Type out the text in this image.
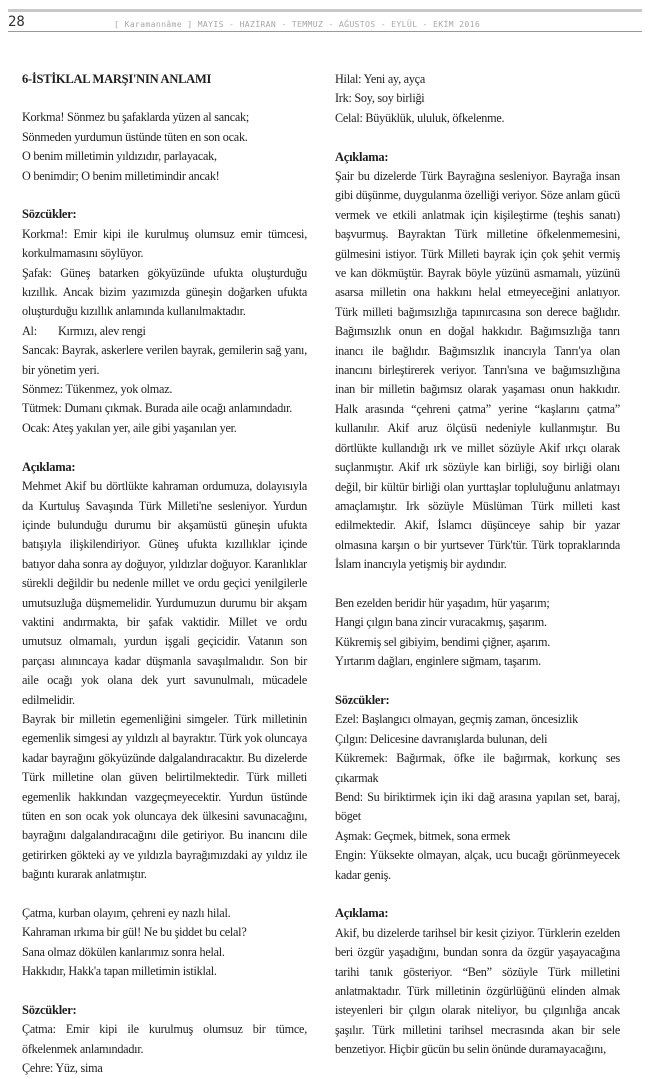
28	[ Karamannâme ] MAYIS - HAZİRAN - TEMMUZ - AĞUSTOS - EYLÜL - EKİM 2016

6-İSTİKLAL MARŞI'NIN ANLAMI

Korkma! Sönmez bu şafaklarda yüzen al sancak;

Sönmeden yurdumun üstünde tüten en son ocak.

O benim milletimin yıldızıdır, parlayacak,

O benimdir; O benim milletimindir ancak!

Sözcükler:

Korkma!: Emir kipi ile kurulmuş olumsuz emir tümcesi, korkulmamasını söylüyor.

Şafak: Güneş batarken gökyüzünde ufukta oluşturduğu kızıllık. Ancak bizim yazımızda güneşin doğarken ufukta oluşturduğu kızıllık anlamında kullanılmaktadır.

Al: Kırmızı, alev rengi

Sancak: Bayrak, askerlere verilen bayrak, gemilerin sağ yanı, bir yönetim yeri.

Sönmez: Tükenmez, yok olmaz.

Tütmek: Dumanı çıkmak. Burada aile ocağı anlamındadır.

Ocak: Ateş yakılan yer, aile gibi yaşanılan yer.

Açıklama:

Mehmet Akif bu dörtlükte kahraman ordumuza, dolayısıyla da Kurtuluş Savaşında Türk Milleti'ne sesleniyor. Yurdun içinde bulunduğu durumu bir akşamüstü güneşin ufukta batışıyla ilişkilendiriyor. Güneş ufukta kızıllıklar içinde batıyor daha sonra ay doğuyor, yıldızlar doğuyor. Karanlıklar sürekli değildir bu nedenle millet ve ordu geçici yenilgilerle umutsuzluğa düşmemelidir. Yurdumuzun durumu bir akşam vaktini andırmakta, bir şafak vaktidir. Millet ve ordu umutsuz olmamalı, yurdun işgali geçicidir. Vatanın son parçası alınıncaya kadar düşmanla savaşılmalıdır. Son bir aile ocağı yok olana dek yurt savunulmalı, mücadele edilmelidir.

Bayrak bir milletin egemenliğini simgeler. Türk milletinin egemenlik simgesi ay yıldızlı al bayraktır. Türk yok oluncaya kadar bayrağını gökyüzünde dalgalandıracaktır. Bu dizelerde Türk milletine olan güven belirtilmektedir. Türk milleti egemenlik hakkından vazgeçmeyecektir. Yurdun üstünde tüten en son ocak yok oluncaya dek ülkesini savunacağını, bayrağını dalgalandıracağını dile getiriyor. Bu inancını dile getirirken gökteki ay ve yıldızla bayrağımızdaki ay yıldız ile bağıntı kurarak anlatmıştır.

Çatma, kurban olayım, çehreni ey nazlı hilal.

Kahraman ırkıma bir gül! Ne bu şiddet bu celal?

Sana olmaz dökülen kanlarımız sonra helal.

Hakkıdır, Hakk'a tapan milletimin istiklal.

Sözcükler:

Çatma: Emir kipi ile kurulmuş olumsuz bir tümce, öfkelenmek anlamındadır.

Çehre: Yüz, sima

Hilal: Yeni ay, ayça

Irk: Soy, soy birliği

Celal: Büyüklük, ululuk, öfkelenme.

Açıklama:

Şair bu dizelerde Türk Bayrağına sesleniyor. Bayrağa insan gibi düşünme, duygulanma özelliği veriyor. Söze anlam gücü vermek ve etkili anlatmak için kişileştirme (teşhis sanatı) başvurmuş. Bayraktan Türk milletine öfkelenmemesini, gülmesini istiyor. Türk Milleti bayrak için çok şehit vermiş ve kan dökmüştür. Bayrak böyle yüzünü asmamalı, yüzünü asarsa milletin ona hakkını helal etmeyeceğini anlatıyor. Türk milleti bağımsızlığa tapınırcasına son derece bağlıdır. Bağımsızlık onun en doğal hakkıdır. Bağımsızlığa tanrı inancı ile bağlıdır. Bağımsızlık inancıyla Tanrı'ya olan inancını birleştirerek veriyor. Tanrı'sına ve bağımsızlığına inan bir milletin bağımsız olarak yaşaması onun hakkıdır. Halk arasında “çehreni çatma” yerine “kaşlarını çatma” kullanılır. Akif aruz ölçüsü nedeniyle kullanmıştır. Bu dörtlükte kullandığı ırk ve millet sözüyle Akif ırkçı olarak suçlanmıştır. Akif ırk sözüyle kan birliği, soy birliği olanı değil, bir kültür birliği olan yurttaşlar topluluğunu anlatmayı amaçlamıştır. Irk sözüyle Müslüman Türk milleti kast edilmektedir. Akif, İslamcı düşünceye sahip bir yazar olmasına karşın o bir yurtsever Türk'tür. Türk topraklarında İslam inancıyla yetişmiş bir aydındır.

Ben ezelden beridir hür yaşadım, hür yaşarım;

Hangi çılgın bana zincir vuracakmış, şaşarım.

Kükremiş sel gibiyim, bendimi çiğner, aşarım.

Yırtarım dağları, enginlere sığmam, taşarım.

Sözcükler:

Ezel: Başlangıcı olmayan, geçmiş zaman, öncesizlik

Çılgın: Delicesine davranışlarda bulunan, deli

Kükremek: Bağırmak, öfke ile bağırmak, korkunç ses çıkarmak

Bend: Su biriktirmek için iki dağ arasına yapılan set, baraj, böget

Aşmak: Geçmek, bitmek, sona ermek

Engin: Yüksekte olmayan, alçak, ucu bucağı görünmeyecek kadar geniş.

Açıklama:

Akif, bu dizelerde tarihsel bir kesit çiziyor. Türklerin ezelden beri özgür yaşadığını, bundan sonra da özgür yaşayacağına tarihi tanık gösteriyor. “Ben” sözüyle Türk milletini anlatmaktadır. Türk milletinin özgürlüğünü elinden almak isteyenleri bir çılgın olarak niteliyor, bu çılgınlığa ancak şaşılır. Türk milletini tarihsel mecrasında akan bir sele benzetiyor. Hiçbir gücün bu selin önünde duramayacağını,
